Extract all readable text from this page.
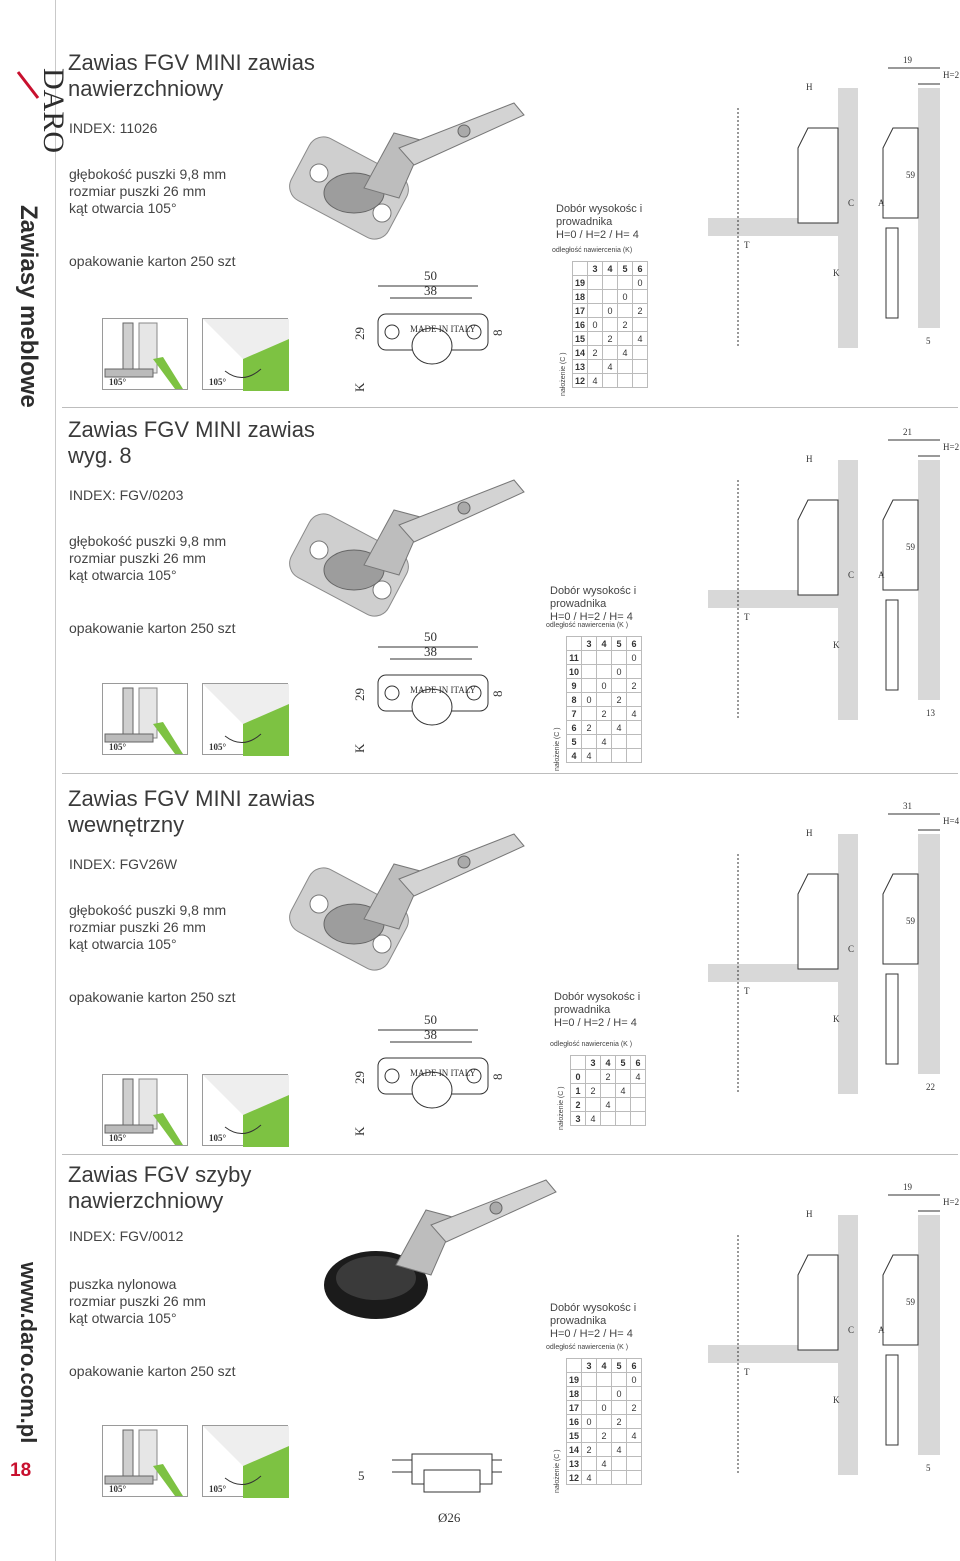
DARO
Zawiasy meblowe
www.daro.com.pl
18
Zawias FGV MINI zawias nawierzchniowy
INDEX: 11026
głębokość puszki 9,8 mm
rozmiar puszki 26 mm
kąt otwarcia 105°
opakowanie karton 250 szt
105°	105°
MADE IN ITALY
50
38
29	8
K
Dobór wysokośc i prowadnika
H=0 / H=2 / H= 4
odległość nawiercenia (K)
	3	4	5	6
19				0
18			0	
17		0		2
16	0		2	
15		2		4
14	2		4	
13		4		
12	4			
nałożenie (C )
19
H=2
H
C	A
T
K
59
5
Zawias FGV MINI zawias wyg. 8
INDEX: FGV/0203
głębokość puszki 9,8 mm
rozmiar puszki 26 mm
kąt otwarcia 105°
opakowanie karton 250 szt
105°	105°
MADE IN ITALY
50
38
29	8
K
Dobór wysokośc i prowadnika
H=0 / H=2 / H= 4
odległość nawiercenia (K )
	3	4	5	6
11				0
10			0	
9		0		2
8	0		2	
7		2		4
6	2		4	
5		4		
4	4			
nałożenie (C )
21
H=2
H
C	A
T
K
59
13
Zawias FGV MINI zawias wewnętrzny
INDEX: FGV26W
głębokość puszki 9,8 mm
rozmiar puszki 26 mm
kąt otwarcia 105°
opakowanie karton 250 szt
105°	105°
MADE IN ITALY
50
38
29	8
K
Dobór wysokośc i prowadnika
H=0 / H=2 / H= 4
odległość nawiercenia (K )
	3	4	5	6
0		2		4
1	2		4	
2		4		
3	4			
nałożenie (C )
31
H=4
H
C
T
K
59
22
Zawias FGV szyby nawierzchniowy
INDEX: FGV/0012
puszka nylonowa
rozmiar puszki 26 mm
kąt otwarcia 105°
opakowanie karton 250 szt
105°	105°
5
Ø26
Dobór wysokośc i prowadnika
H=0 / H=2 / H= 4
odległość nawiercenia (K )
	3	4	5	6
19				0
18			0	
17		0		2
16	0		2	
15		2		4
14	2		4	
13		4		
12	4			
nałożenie (C )
19
H=2
H
C	A
T
K
59
5
